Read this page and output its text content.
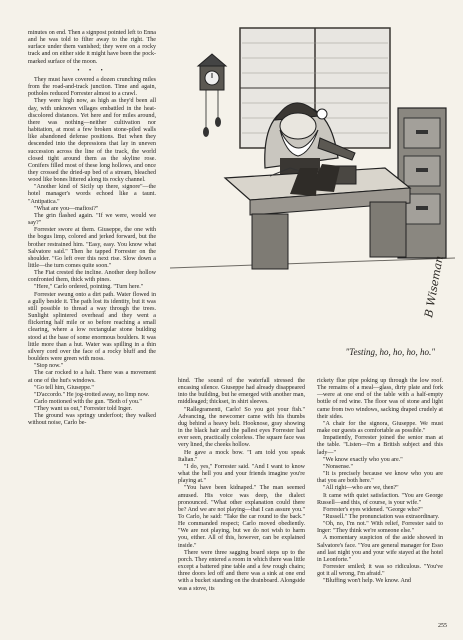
minutes on end. Then a signpost pointed left to Enna and he was told to filter away to the right. The surface under them vanished; they were on a rocky track and on either side it might have been the pock-marked surface of the moon.

• • •

They must have covered a dozen crunching miles from the road-and-track junction. Time and again, potholes reduced Forrester almost to a crawl.

They were high now, as high as they'd been all day, with unknown villages embattled in the heat-discolored distances. Yet here and for miles around, there was nothing—neither cultivation nor habitation, at most a few broken stone-piled walls like abandoned defense positions. But when they descended into the depressions that lay in uneven succession across the line of the track, the world closed tight around them as the skyline rose. Conifers filled most of these long hollows, and once they crossed the dried-up bed of a stream, bleached wood like bones littered along its rocky channel.

"Another kind of Sicily up there, signore"—the hotel manager's words echoed like a taunt. "Antipatica."

"What are you—mafiosi?"

The grin flashed again. "If we were, would we say?"

Forrester swore at them. Giuseppe, the one with the bogus limp, colored and jerked forward, but the brother restrained him. "Easy, easy. You know what Salvatore said." Then he tapped Forrester on the shoulder. "Go left over this next rise. Slow down a little—the turn comes quite soon."

The Fiat crested the incline. Another deep hollow confronted them, thick with pines.

"Here," Carlo ordered, pointing. "Turn here."

Forrester swung onto a dirt path. Water flowed in a gully beside it. The path lost its identity, but it was still possible to thread a way through the trees. Sunlight splintered overhead and they went a flickering half mile or so before reaching a small clearing, where a low rectangular stone building stood at the base of some enormous boulders. It was little more than a hut. Water was spilling in a thin silvery cord over the face of a rocky bluff and the boulders were green with moss.

"Stop now."

The car rocked to a halt. There was a movement at one of the hut's windows.

"Go tell him, Giuseppe."

"D'accordo." He jog-trotted away, no limp now.

Carlo motioned with the gun. "Both of you."

"They want us out," Forrester told Inger.

The ground was springy underfoot; they walked without noise, Carlo be-

B Wiseman
"Testing, ho, ho, ho, ho."

hind. The sound of the waterfall stressed the encasing silence. Giuseppe had already disappeared into the building, but he emerged with another man, middleaged; thickset, in shirt sleeves.

"Rallegramenti, Carlo! So you got your fish." Advancing, the newcomer came with his thumbs dug behind a heavy belt. Hooknose, gray showing in the black hair and the pallest eyes Forrester had ever seen, practically colorless. The square face was very lined, the cheeks hollow.

He gave a mock bow. "I am told you speak Italian."

"I do, yes," Forrester said. "And I want to know what the hell you and your friends imagine you're playing at."

"You have been kidnaped." The man seemed amused. His voice was deep, the dialect pronounced. "What other explanation could there be? And we are not playing—that I can assure you." To Carlo, he said: "Take the car round to the back." He commanded respect; Carlo moved obediently. "We are not playing, but we do not wish to harm you, either. All of this, however, can be explained inside."

There were three sagging board steps up to the porch. They entered a room in which there was little except a battered pine table and a few rough chairs; three doors led off and there was a sink at one end with a bucket standing on the drainboard. Alongside was a stove, its

rickety flue pipe poking up through the low roof. The remains of a meal—glass, dirty plate and fork—were at one end of the table with a half-empty bottle of red wine. The floor was of stone and light came from two windows, sacking draped crudely at their sides.

"A chair for the signora, Giuseppe. We must make our guests as comfortable as possible."

Impatiently, Forrester joined the senior man at the table. "Listen—I'm a British subject and this lady—"

"We know exactly who you are."

"Nonsense."

"It is precisely because we know who you are that you are both here."

"All right—who are we, then?"

It came with quiet satisfaction. "You are George Russell—and this, of course, is your wife."

Forrester's eyes widened. "George who?"

"Russell." The pronunciation was extraordinary.

"Oh, no, I'm not." With relief, Forrester said to Inger: "They think we're someone else."

A momentary suspicion of the aside showed in Salvatore's face. "You are general manager for Esso and last night you and your wife stayed at the hotel in Leonforte."

Forrester smiled; it was so ridiculous. "You've got it all wrong, I'm afraid."

"Bluffing won't help. We know. And

255
